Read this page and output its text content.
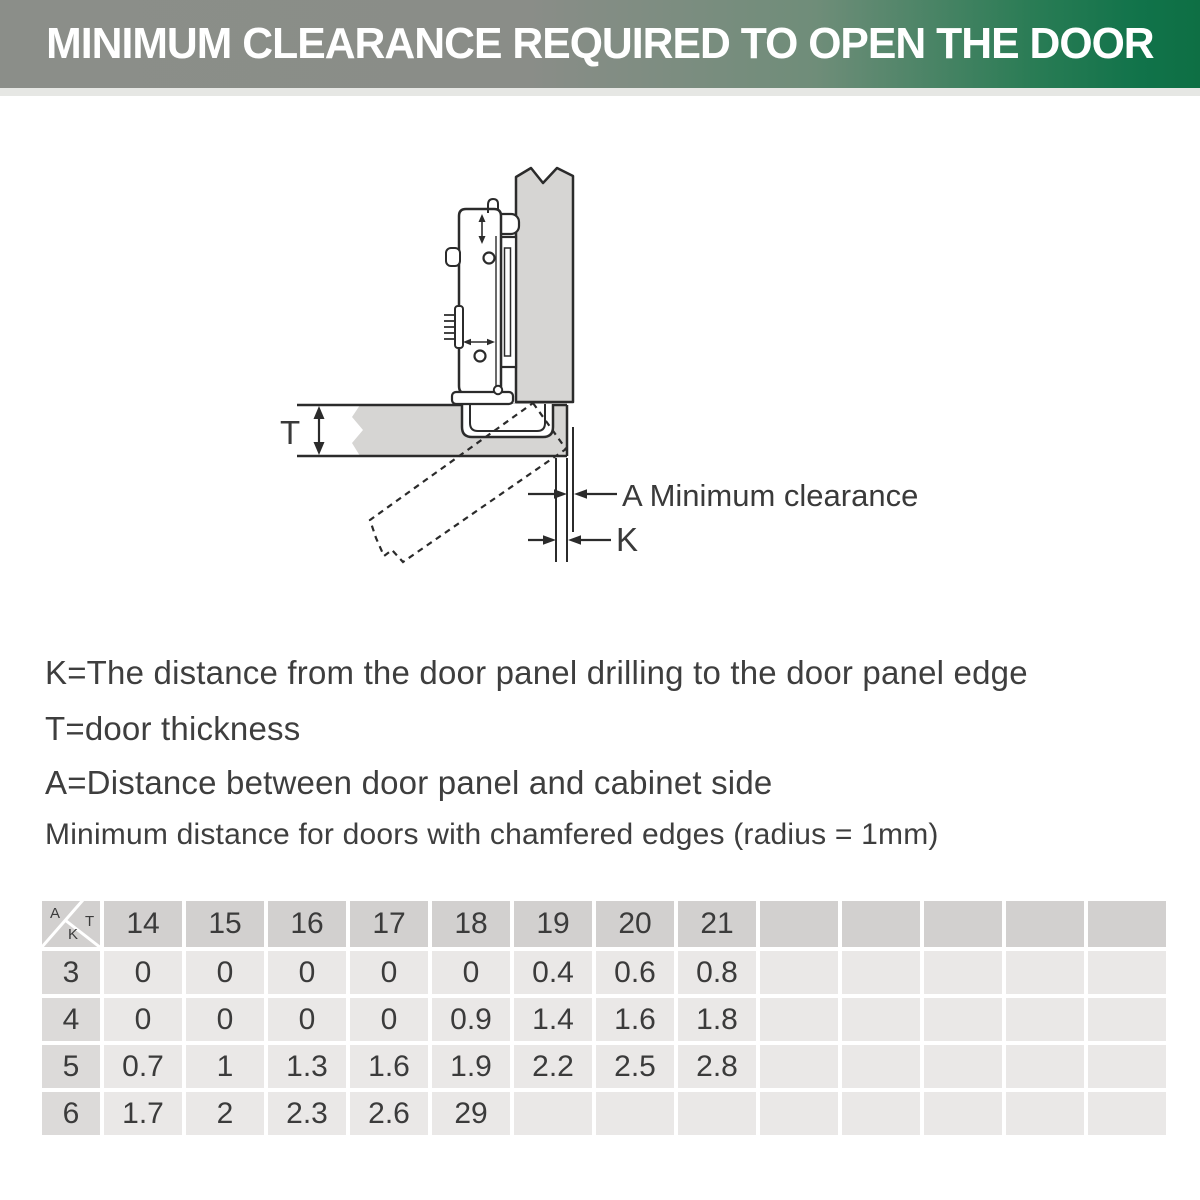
MINIMUM CLEARANCE REQUIRED TO OPEN THE DOOR
T
A Minimum clearance
K
K=The distance from the door panel drilling to the door panel edge
T=door thickness
A=Distance between door panel and cabinet side
Minimum distance for doors with chamfered edges (radius = 1mm)
A T
K	14	15	16	17	18	19	20	21
3	0	0	0	0	0	0.4	0.6	0.8
4	0	0	0	0	0.9	1.4	1.6	1.8
5	0.7	1	1.3	1.6	1.9	2.2	2.5	2.8
6	1.7	2	2.3	2.6	29
